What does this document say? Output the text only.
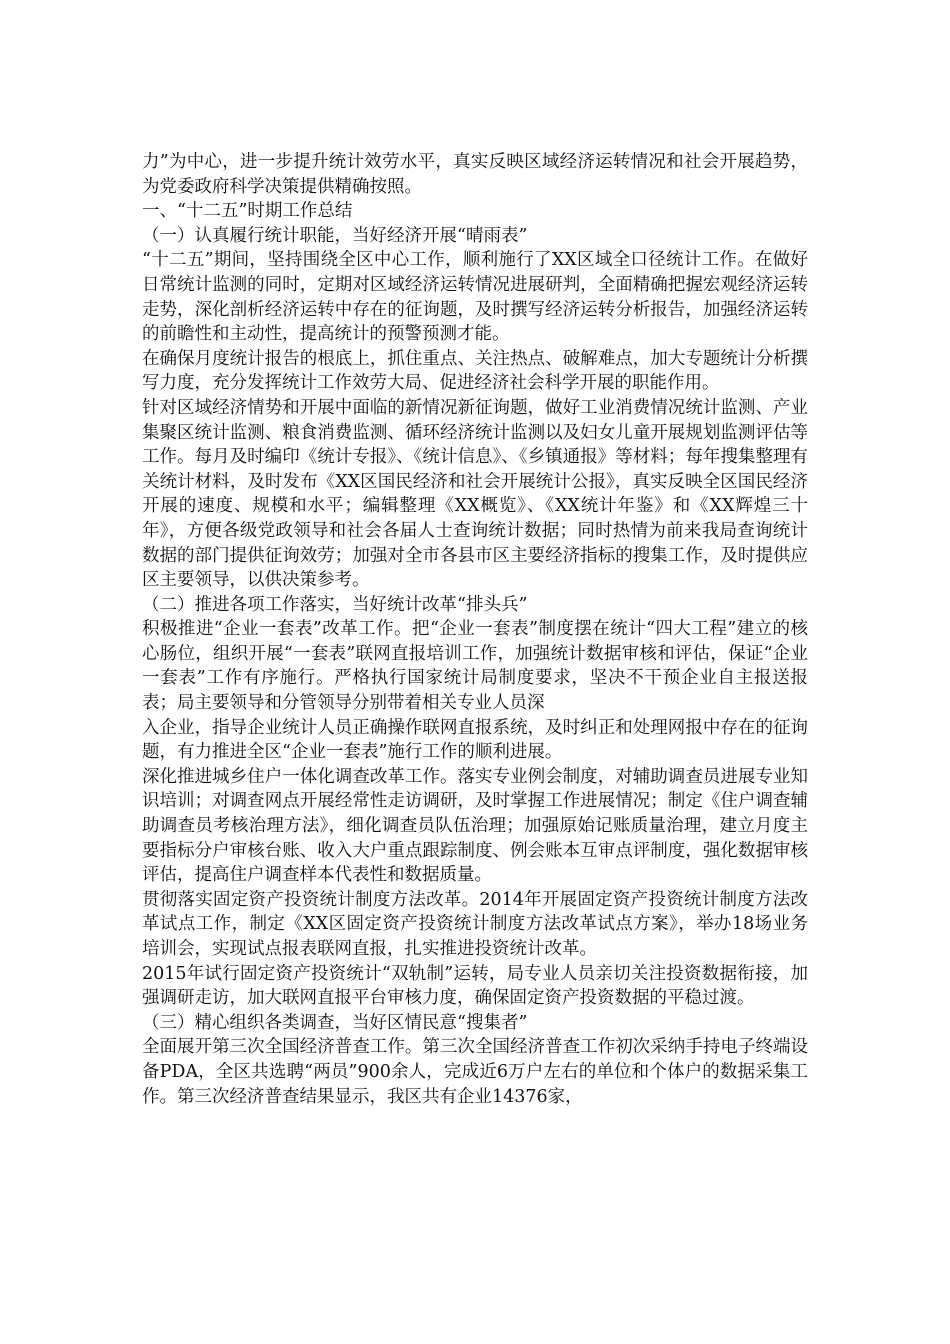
力”为中心，进一步提升统计效劳水平，真实反映区域经济运转情况和社会开展趋势，为党委政府科学决策提供精确按照。

一、“十二五”时期工作总结

（一）认真履行统计职能，当好经济开展“晴雨表”

“十二五”期间，坚持围绕全区中心工作，顺利施行了XX区域全口径统计工作。在做好日常统计监测的同时，定期对区域经济运转情况进展研判，全面精确把握宏观经济运转走势，深化剖析经济运转中存在的征询题，及时撰写经济运转分析报告，加强经济运转的前瞻性和主动性，提高统计的预警预测才能。

在确保月度统计报告的根底上，抓住重点、关注热点、破解难点，加大专题统计分析撰写力度，充分发挥统计工作效劳大局、促进经济社会科学开展的职能作用。

针对区域经济情势和开展中面临的新情况新征询题，做好工业消费情况统计监测、产业集聚区统计监测、粮食消费监测、循环经济统计监测以及妇女儿童开展规划监测评估等工作。每月及时编印《统计专报》、《统计信息》、《乡镇通报》等材料；每年搜集整理有关统计材料，及时发布《XX区国民经济和社会开展统计公报》，真实反映全区国民经济开展的速度、规模和水平；编辑整理《XX概览》、《XX统计年鉴》和《XX辉煌三十年》，方便各级党政领导和社会各届人士查询统计数据；同时热情为前来我局查询统计数据的部门提供征询效劳；加强对全市各县市区主要经济指标的搜集工作，及时提供应区主要领导，以供决策参考。

（二）推进各项工作落实，当好统计改革“排头兵”

积极推进“企业一套表”改革工作。把“企业一套表”制度摆在统计“四大工程”建立的核心肠位，组织开展“一套表”联网直报培训工作，加强统计数据审核和评估，保证“企业一套表”工作有序施行。严格执行国家统计局制度要求，坚决不干预企业自主报送报表；局主要领导和分管领导分别带着相关专业人员深

入企业，指导企业统计人员正确操作联网直报系统，及时纠正和处理网报中存在的征询题，有力推进全区“企业一套表”施行工作的顺利进展。

深化推进城乡住户一体化调查改革工作。落实专业例会制度，对辅助调查员进展专业知识培训；对调查网点开展经常性走访调研，及时掌握工作进展情况；制定《住户调查辅助调查员考核治理方法》，细化调查员队伍治理；加强原始记账质量治理，建立月度主要指标分户审核台账、收入大户重点跟踪制度、例会账本互审点评制度，强化数据审核评估，提高住户调查样本代表性和数据质量。

贯彻落实固定资产投资统计制度方法改革。2014年开展固定资产投资统计制度方法改革试点工作，制定《XX区固定资产投资统计制度方法改革试点方案》，举办18场业务培训会，实现试点报表联网直报，扎实推进投资统计改革。

2015年试行固定资产投资统计“双轨制”运转，局专业人员亲切关注投资数据衔接，加强调研走访，加大联网直报平台审核力度，确保固定资产投资数据的平稳过渡。

（三）精心组织各类调查，当好区情民意“搜集者”

全面展开第三次全国经济普查工作。第三次全国经济普查工作初次采纳手持电子终端设备PDA，全区共选聘“两员”900余人，完成近6万户左右的单位和个体户的数据采集工作。第三次经济普查结果显示，我区共有企业14376家，
